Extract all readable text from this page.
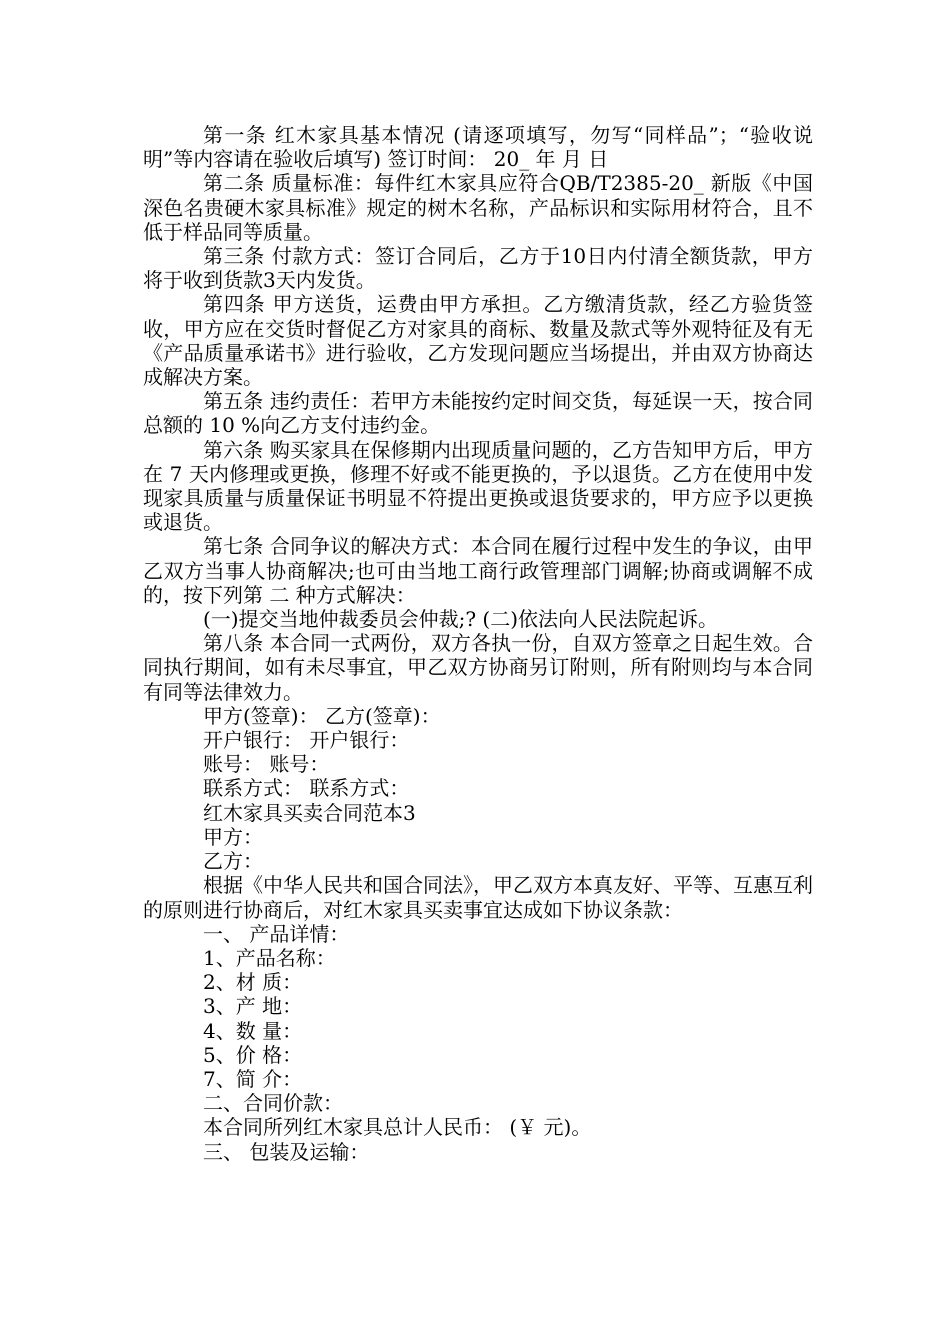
第一条 红木家具基本情况 (请逐项填写，勿写“同样品”；“验收说明”等内容请在验收后填写) 签订时间： 20_ 年 月 日

第二条 质量标准：每件红木家具应符合QB/T2385-20_ 新版《中国深色名贵硬木家具标准》规定的树木名称，产品标识和实际用材符合，且不低于样品同等质量。

第三条 付款方式：签订合同后，乙方于10日内付清全额货款，甲方将于收到货款3天内发货。

第四条 甲方送货，运费由甲方承担。乙方缴清货款，经乙方验货签收，甲方应在交货时督促乙方对家具的商标、数量及款式等外观特征及有无《产品质量承诺书》进行验收，乙方发现问题应当场提出，并由双方协商达成解决方案。

第五条 违约责任：若甲方未能按约定时间交货，每延误一天，按合同总额的 10 %向乙方支付违约金。

第六条 购买家具在保修期内出现质量问题的，乙方告知甲方后，甲方在 7 天内修理或更换，修理不好或不能更换的，予以退货。乙方在使用中发现家具质量与质量保证书明显不符提出更换或退货要求的，甲方应予以更换或退货。

第七条 合同争议的解决方式：本合同在履行过程中发生的争议，由甲乙双方当事人协商解决;也可由当地工商行政管理部门调解;协商或调解不成的，按下列第 二 种方式解决：

(一)提交当地仲裁委员会仲裁;? (二)依法向人民法院起诉。

第八条 本合同一式两份，双方各执一份，自双方签章之日起生效。合同执行期间，如有未尽事宜，甲乙双方协商另订附则，所有附则均与本合同有同等法律效力。

甲方(签章)： 乙方(签章)：

开户银行： 开户银行：

账号： 账号：

联系方式： 联系方式：

红木家具买卖合同范本3

甲方：

乙方：

根据《中华人民共和国合同法》，甲乙双方本真友好、平等、互惠互利的原则进行协商后，对红木家具买卖事宜达成如下协议条款：

一、 产品详情：

1、产品名称：

2、材 质：

3、产 地：

4、数 量：

5、价 格：

7、简 介：

二、合同价款：

本合同所列红木家具总计人民币： (￥ 元)。

三、 包装及运输：
